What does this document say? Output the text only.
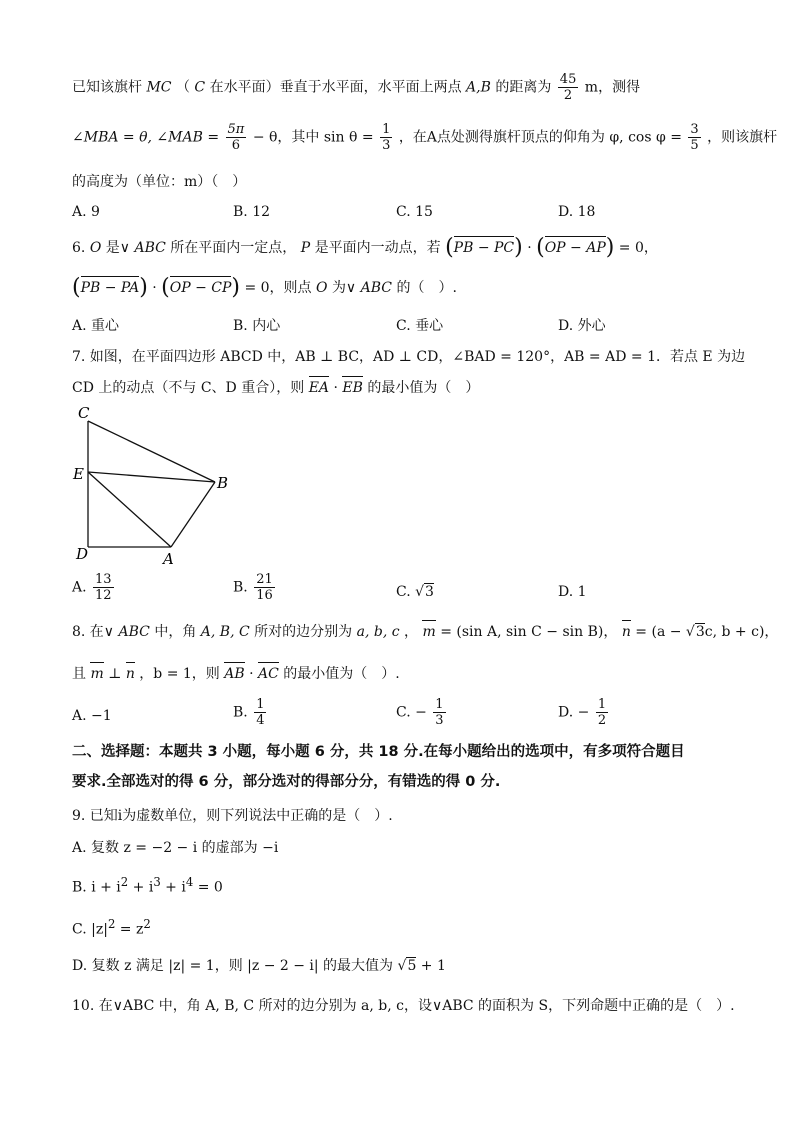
已知该旗杆 MC （ C 在水平面）垂直于水平面，水平面上两点 A,B 的距离为 $\frac{45}{2}$ m，测得
∠MBA = θ, ∠MAB = $\frac{5\pi}{6} - \theta$，其中 $\sin \theta = \frac{1}{3}$ ，在A点处测得旗杆顶点的仰角为 φ, $\cos \varphi = \frac{3}{5}$ ，则该旗杆
的高度为（单位：m）（　）
A. 9	B. 12	C. 15	D. 18
6. O 是∨ ABC 所在平面内一定点， P 是平面内一动点，若 (PB − PC) · (OP − AP) = 0，
(PB − PA) · (OP − CP) = 0，则点 O 为∨ ABC 的（　）.
A. 重心	B. 内心	C. 垂心	D. 外心
7. 如图，在平面四边形 ABCD 中，AB ⊥ BC，AD ⊥ CD，∠BAD = 120°，AB = AD = 1．若点 E 为边
CD 上的动点（不与 C、D 重合），则 EA · EB 的最小值为（　）
C
E	B
D	A
A. $\frac{13}{12}$	B. $\frac{21}{16}$	C. √3	D. 1
8. 在∨ ABC 中，角 A, B, C 所对的边分别为 a, b, c ， m = (sin A, sin C − sin B)， n = (a − √3c, b + c)，
且 m ⊥ n ，b = 1，则 AB · AC 的最小值为（　）.
A. −1	B. $\frac{1}{4}$	C. − $\frac{1}{3}$	D. − $\frac{1}{2}$
二、选择题：本题共 3 小题，每小题 6 分，共 18 分.在每小题给出的选项中，有多项符合题目
要求.全部选对的得 6 分，部分选对的得部分分，有错选的得 0 分.
9. 已知i为虚数单位，则下列说法中正确的是（　）.
A. 复数 z = −2 − i 的虚部为 −i
B. $i + i^2 + i^3 + i^4 = 0$
C. $|z|^2 = z^2$
D. 复数 z 满足 |z| = 1，则 |z − 2 − i| 的最大值为 √5 + 1
10. 在∨ABC 中，角 A, B, C 所对的边分别为 a, b, c，设∨ABC 的面积为 S，下列命题中正确的是（　）.
